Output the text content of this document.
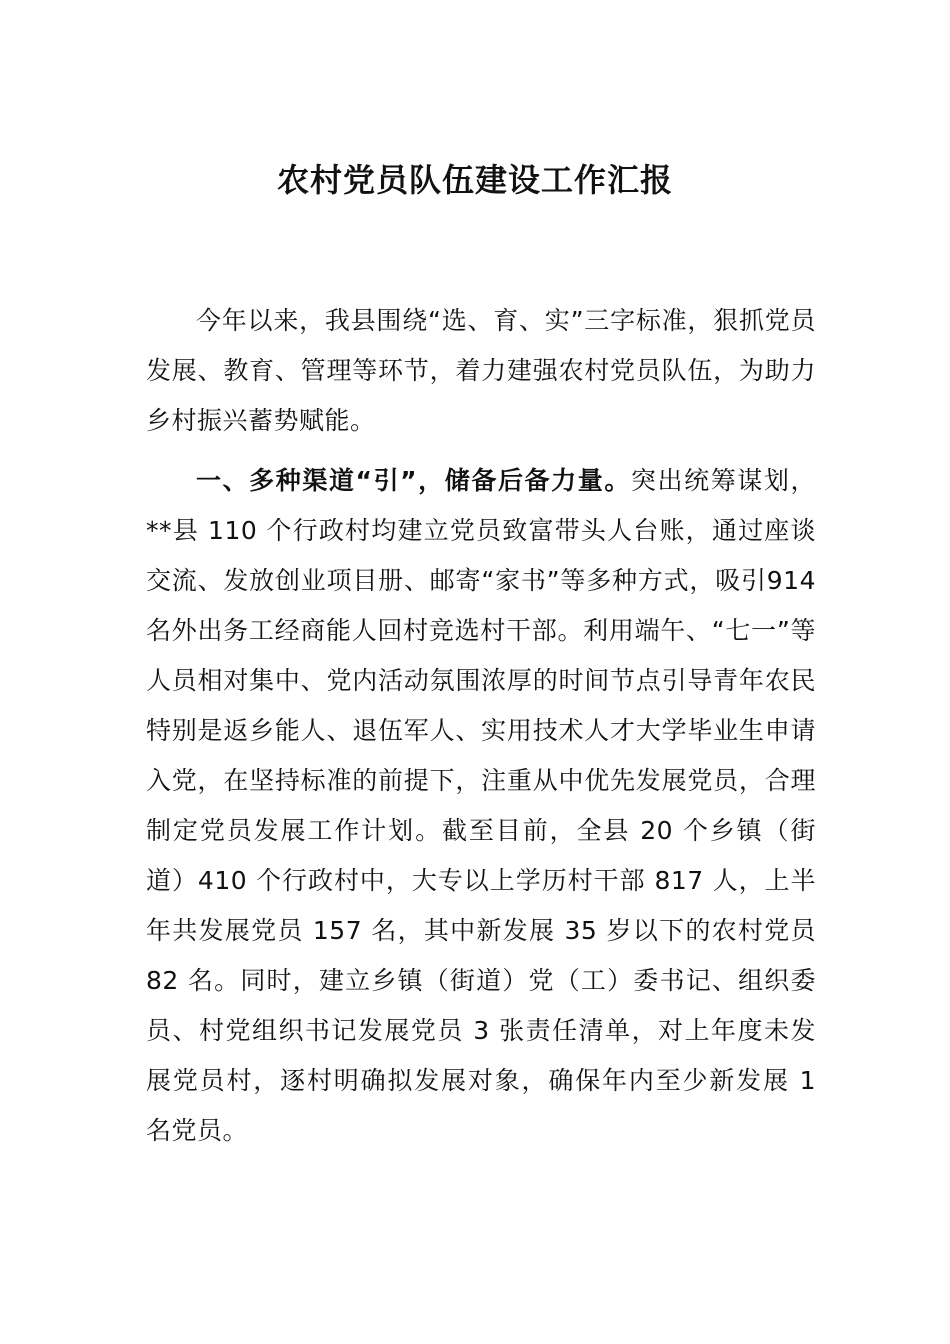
农村党员队伍建设工作汇报

今年以来，我县围绕“选、育、实”三字标准，狠抓党员发展、教育、管理等环节，着力建强农村党员队伍，为助力乡村振兴蓄势赋能。

一、多种渠道“引”，储备后备力量。突出统筹谋划，**县 110 个行政村均建立党员致富带头人台账，通过座谈交流、发放创业项目册、邮寄“家书”等多种方式，吸引914 名外出务工经商能人回村竞选村干部。利用端午、“七一”等人员相对集中、党内活动氛围浓厚的时间节点引导青年农民特别是返乡能人、退伍军人、实用技术人才大学毕业生申请入党，在坚持标准的前提下，注重从中优先发展党员，合理制定党员发展工作计划。截至目前，全县 20 个乡镇（街道）410 个行政村中，大专以上学历村干部 817 人，上半年共发展党员 157 名，其中新发展 35 岁以下的农村党员 82 名。同时，建立乡镇（街道）党（工）委书记、组织委员、村党组织书记发展党员 3 张责任清单，对上年度未发展党员村，逐村明确拟发展对象，确保年内至少新发展 1 名党员。
